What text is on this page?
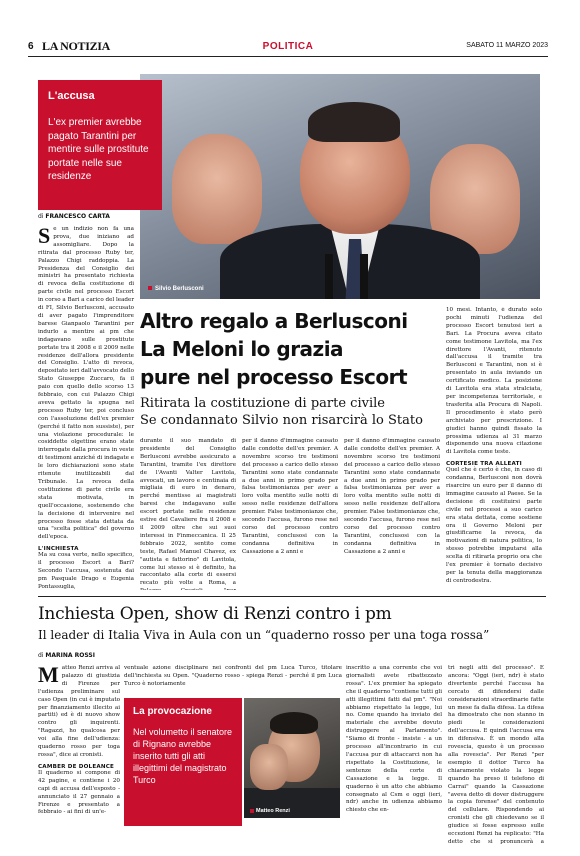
6 LA NOTIZIA	POLITICA	SABATO 11 MARZO 2023
Silvio Berlusconi
L'accusa
L'ex premier avrebbe pagato Tarantini per mentire sulle prostitute portate nelle sue residenze
di FRANCESCO CARTA
S e un indizio non fa una prova, due iniziano ad assomigliare. Dopo la ritirata dal processo Ruby ter, Palazzo Chigi raddoppia. La Presidenza del Consiglio dei ministri ha presentato richiesta di revoca della costituzione di parte civile nel processo Escort in corso a Bari a carico del leader di FI, Silvio Berlusconi, accusato di aver pagato l'imprenditore barese Gianpaolo Tarantini per indurlo a mentire ai pm che indagavano sulle prostitute portate tra il 2008 e il 2009 nelle residenze dell'allora presidente del Consiglio. L'atto di revoca, depositato ieri dall'avvocato dello Stato Giuseppe Zuccaro, fa il paio con quello dello scorso 13 febbraio, con cui Palazzo Chigi aveva gettato la spugna nel processo Ruby ter, poi concluso con l'assoluzione dell'ex premier (perché il fatto non sussiste), per una violazione procedurale: le cosiddette olgettine erano state interrogate dalla procura in veste di testimoni anziché di indagate e le loro dichiarazioni sono state ritenute inutilizzabili dal Tribunale. La revoca della costituzione di parte civile era stata motivata, in quell'occasione, sostenendo che la decisione di intervenire nel processo fosse stata dettata da una "scelta politica" del governo dell'epoca.
L'INCHIESTA
Ma su cosa verte, nello specifico, il processo Escort a Bari? Secondo l'accusa, sostenuta dai pm Pasquale Drago e Eugenia Pontassuglia,
Altro regalo a Berlusconi
La Meloni lo grazia
pure nel processo Escort
Ritirata la costituzione di parte civile
Se condannato Silvio non risarcirà lo Stato
durante il suo mandato di presidente del Consiglio Berlusconi avrebbe assicurato a Tarantini, tramite l'ex direttore de l'Avanti Valter Lavitola, avvocati, un lavoro e centinaia di migliaia di euro in denaro, perché mentisse ai magistrati baresi che indagavano sulle escort portate nelle residenze estive del Cavaliere fra il 2008 e il 2009 oltre che sui suoi interessi in Finmeccanica. Il 25 febbraio 2022, sentito come teste, Rafael Manuel Chavez, ex "autista e fattorino" di Lavitola, come lui stesso si è definito, ha raccontato alla corte di essersi recato più volte a Roma, a
per il danno d'immagine causato dalle condotte dell'ex premier. A novembre scorso tre testimoni del processo a carico dello stesso Tarantini sono state condannate a due anni in primo grado per falsa testimonianza per aver a loro volta mentito sulle notti di sesso nelle residenze dell'allora premier. False testimonianze che, secondo l'accusa, furono rese nel corso del processo contro Tarantini, conclusosi con la condanna definitiva in Cassazione a 2 anni e
per il danno d'immagine causato dalle condotte dell'ex premier. A novembre scorso tre testimoni del processo a carico dello stesso Tarantini sono state condannate a due anni in primo grado per falsa testimonianza per aver a loro volta mentito sulle notti di sesso nelle residenze dell'allora premier. False testimonianze che, secondo l'accusa, furono rese nel corso del processo contro Tarantini, conclusosi con la condanna definitiva in Cassazione a 2 anni e
10 mesi. Intanto, è durato solo pochi minuti l'udienza del processo Escort tenutosi ieri a Bari. La Procura aveva citato come testimone Lavitola, ma l'ex direttore l'Avanti, ritenuto dall'accusa il tramite tra Berlusconi e Tarantini, non si è presentato in aula inviando un certificato medico. La posizione di Lavitola era stata stralciata, per incompetenza territoriale, e trasferita alla Procura di Napoli. Il procedimento è stato però archiviato per prescrizione. I giudici hanno quindi fissato la prossima udienza al 31 marzo disponendo una nuova citazione di Lavitola come teste.
CORTESIE TRA ALLEATI
Quel che è certo è che, in caso di condanna, Berlusconi non dovrà risarcire un euro per il danno di immagine causato al Paese. Se la decisione di costituirsi parte civile nel processi a suo carico era stata dettata, come sostiene ora il Governo Meloni per giustificarne la revoca, da motivazioni di natura politica, lo stesso potrebbe imputarsi alla scelta di ritirarla proprio ora che l'ex premier è tornato decisivo per la tenuta della maggioranza di centrodestra.
Inchiesta Open, show di Renzi contro i pm
Il leader di Italia Viva in Aula con un “quaderno rosso per una toga rossa”
di MARINA ROSSI
M atteo Renzi arriva al palazzo di giustizia di Firenze per l'udienza preliminare sul caso Open (in cui è imputato per finanziamento illecito ai partiti) ed è di nuovo show contro gli inquirenti. "Ragazzi, ho qualcosa per voi alla fine dell'udienza: quaderno rosso per toga rossa", dice ai cronisti.
CAMBER DE DOLEANCE
Il quaderno si compone di 42 pagine, e contiene i 20 capi di accusa dell'esposto - annunciato il 27 gennaio a Firenze e presentato a febbraio - ai fini di un'e-
ventuale azione disciplinare nei confronti del pm Luca Turco, titolare dell'inchiesta su Open. "Quaderno rosso - spiega Renzi - perché il pm Luca Turco è notoriamente
La provocazione
Nel volumetto il senatore di Rignano avrebbe inserito tutti gli atti illegittimi del magistrato Turco
Matteo Renzi
inscritto a una corrente che voi giornalisti avete ribattezzato rossa". L'ex premier ha spiegato che il quaderno "contiene tutti gli atti illegittimi fatti dal pm". "Noi abbiamo rispettato la legge, lui no. Come quando ha inviato del materiale che avrebbe dovuto distruggere al Parlamento". "Siamo di fronte - insiste - a un processo all'incontrario in cui l'accusa pur di attaccarci non ha rispettato la Costituzione, le sentenze della corte di Cassazione e la legge. Il quaderno è un atto che abbiamo consegnato al Csm e oggi (ieri, ndr) anche in udienza abbiamo chiesto che en-
tri negli atti del processo". E ancora: "Oggi (ieri, ndr) è stato divertente perché l'accusa ha cercato di difendersi dalle considerazioni straordinarie fatte un mese fa dalla difesa. La difesa ha dimostrato che non stanno in piedi le considerazioni dell'accusa. E quindi l'accusa era in difensiva. È un mondo alla rovescia, questo è un processo alla rovescia". Per Renzi "per esempio il dottor Turco ha chiaramente violato la legge quando ha preso il telefono di Carrai" quando la Cassazione "aveva detto di dover distruggere la copia forense" del contenuto del cellulare. Rispondendo ai cronisti che gli chiedevano se il giudice si fosse espresso sulle eccezioni Renzi ha replicato: "Ha detto che si pronuncerà a
